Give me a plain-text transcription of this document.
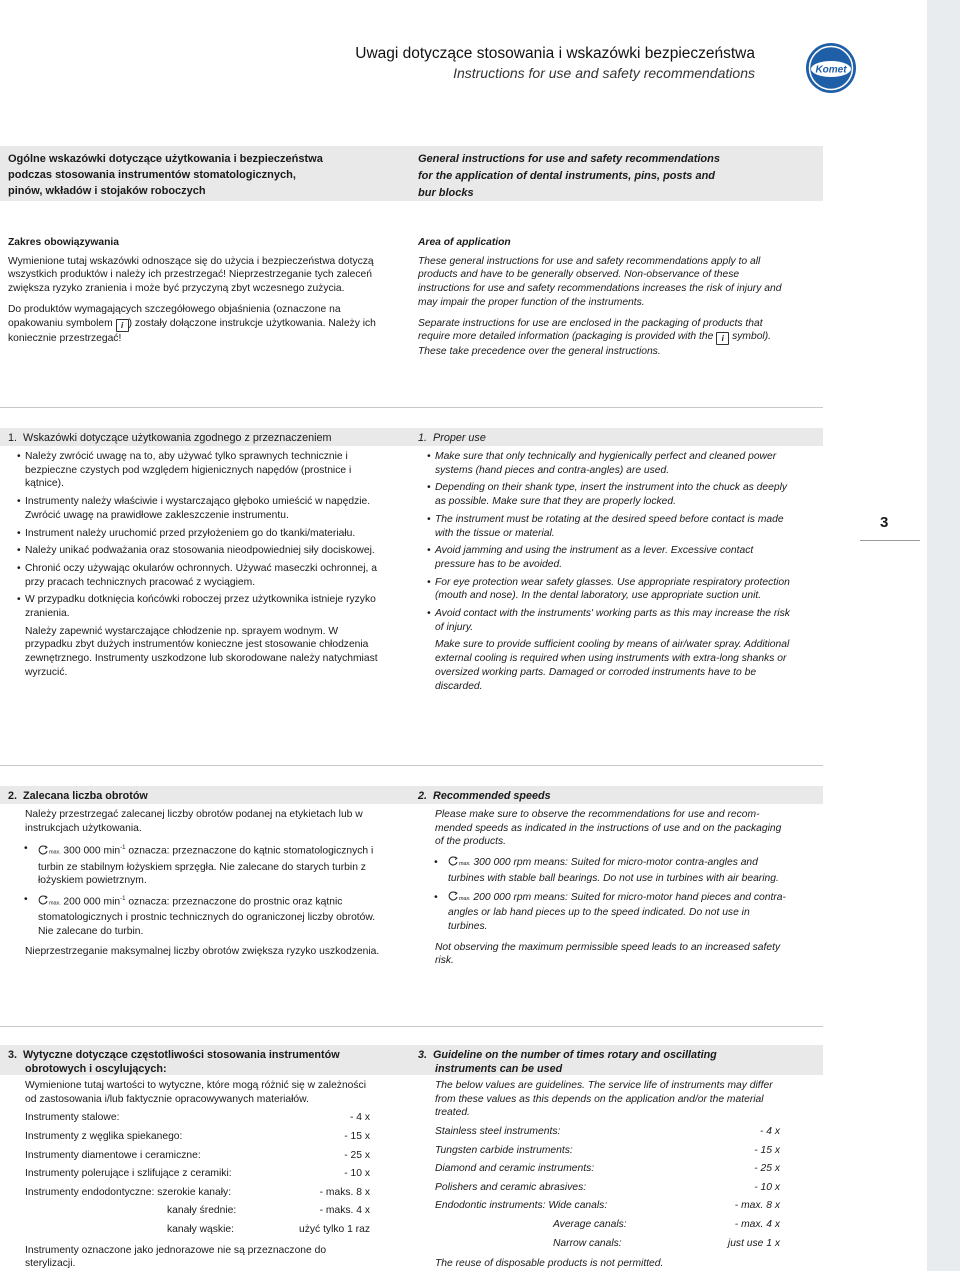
3
Uwagi dotyczące stosowania i wskazówki bezpieczeństwa
Instructions for use and safety recommendations	Komet
Ogólne wskazówki dotyczące użytkowania i bezpieczeństwa
podczas stosowania instrumentów stomatologicznych,
pinów, wkładów i stojaków roboczych
General instructions for use and safety recommendations
for the application of dental instruments, pins, posts and
bur blocks
Zakres obowiązywania

Wymienione tutaj wskazówki odnoszące się do użycia i bezpieczeństwa dotyczą wszystkich produktów i należy ich przestrzegać! Nieprzestrzeganie tych zaleceń zwiększa ryzyko zranienia i może być przyczyną zbyt wczesnego zużycia.

Do produktów wymagających szczegółowego objaśnienia (oznaczone na opakowaniu symbolem i ) zostały dołączone instrukcje użytkowania. Należy ich koniecznie przestrzegać!

Area of application

These general instructions for use and safety recommendations apply to all products and have to be generally observed. Non-observance of these instructions for use and safety recommendations increases the risk of injury and may impair the proper function of the instruments.

Separate instructions for use are enclosed in the packaging of products that require more detailed information (packaging is provided with the i symbol). These take precedence over the general instructions.

1. Wskazówki dotyczące użytkowania zgodnego z przeznaczeniem	1. Proper use
• Należy zwrócić uwagę na to, aby używać tylko sprawnych technicznie i bezpieczne czystych pod względem higienicznych napędów (prostnice i kątnice).
• Instrumenty należy właściwie i wystarczająco głęboko umieścić w napędzie. Zwrócić uwagę na prawidłowe zakleszczenie instrumentu.
• Instrument należy uruchomić przed przyłożeniem go do tkanki/materiału.
• Należy unikać podważania oraz stosowania nieodpowiedniej siły dociskowej.
• Chronić oczy używając okularów ochronnych. Używać maseczki ochronnej, a przy pracach technicznych pracować z wyciągiem.
• W przypadku dotknięcia końcówki roboczej przez użytkownika istnieje ryzyko zranienia.

Należy zapewnić wystarczające chłodzenie np. sprayem wodnym. W przypadku zbyt dużych instrumentów konieczne jest stosowanie chłodzenia zewnętrznego. Instrumenty uszkodzone lub skorodowane należy natychmiast wyrzucić.

• Make sure that only technically and hygienically perfect and cleaned power systems (hand pieces and contra-angles) are used.
• Depending on their shank type, insert the instrument into the chuck as deeply as possible. Make sure that they are properly locked.
• The instrument must be rotating at the desired speed before contact is made with the tissue or material.
• Avoid jamming and using the instrument as a lever. Excessive contact pressure has to be avoided.
• For eye protection wear safety glasses. Use appropriate respiratory protection (mouth and nose). In the dental laboratory, use appropriate suction unit.
• Avoid contact with the instruments' working parts as this may increase the risk of injury.

Make sure to provide sufficient cooling by means of air/water spray. Additional external cooling is required when using instruments with extra-long shanks or oversized working parts. Damaged or corroded instruments have to be discarded.

2. Zalecana liczba obrotów	2. Recommended speeds

Należy przestrzegać zalecanej liczby obrotów podanej na etykietach lub w instrukcjach użytkowania.

•	max. 300 000 $\min^{-1}$ oznacza: przeznaczone do kątnic stomatologicznych i turbin ze stabilnym łożyskiem sprzęgła. Nie zalecane do starych turbin z łożyskiem powietrznym.
•	max. 200 000 $\min^{-1}$ oznacza: przeznaczone do prostnic oraz kątnic stomatologicznych i prostnic technicznych do ograniczonej liczby obrotów. Nie zalecane do turbin.

Nieprzestrzeganie maksymalnej liczby obrotów zwiększa ryzyko uszkodzenia.

Please make sure to observe the recommendations for use and recommended speeds as indicated in the instructions of use and on the packaging of the products.

•	max. 300 000 rpm means: Suited for micro-motor contra-angles and turbines with stable ball bearings. Do not use in turbines with air bearing.
•	max. 200 000 rpm means: Suited for micro-motor hand pieces and contra-angles or lab hand pieces up to the speed indicated. Do not use in turbines.

Not observing the maximum permissible speed leads to an increased safety risk.

3. Wytyczne dotyczące częstotliwości stosowania instrumentów
obrotowych i oscylujących:
3. Guideline on the number of times rotary and oscillating
instruments can be used

Wymienione tutaj wartości to wytyczne, które mogą różnić się w zależności od zastosowania i/lub faktycznie opracowywanych materiałów.

Instrumenty stalowe:	- 4 x
Instrumenty z węglika spiekanego:	- 15 x
Instrumenty diamentowe i ceramiczne:	- 25 x
Instrumenty polerujące i szlifujące z ceramiki:	- 10 x
Instrumenty endodontyczne: szerokie kanały:	- maks. 8 x
kanały średnie:	- maks. 4 x
kanały wąskie:	użyć tylko 1 raz

Instrumenty oznaczone jako jednorazowe nie są przeznaczone do sterylizacji.

The below values are guidelines. The service life of instruments may differ from these values as this depends on the application and/or the material treated.

Stainless steel instruments:	- 4 x
Tungsten carbide instruments:	- 15 x
Diamond and ceramic instruments:	- 25 x
Polishers and ceramic abrasives:	- 10 x
Endodontic instruments: Wide canals:	- max. 8 x
Average canals:	- max. 4 x
Narrow canals:	just use 1 x

The reuse of disposable products is not permitted.
